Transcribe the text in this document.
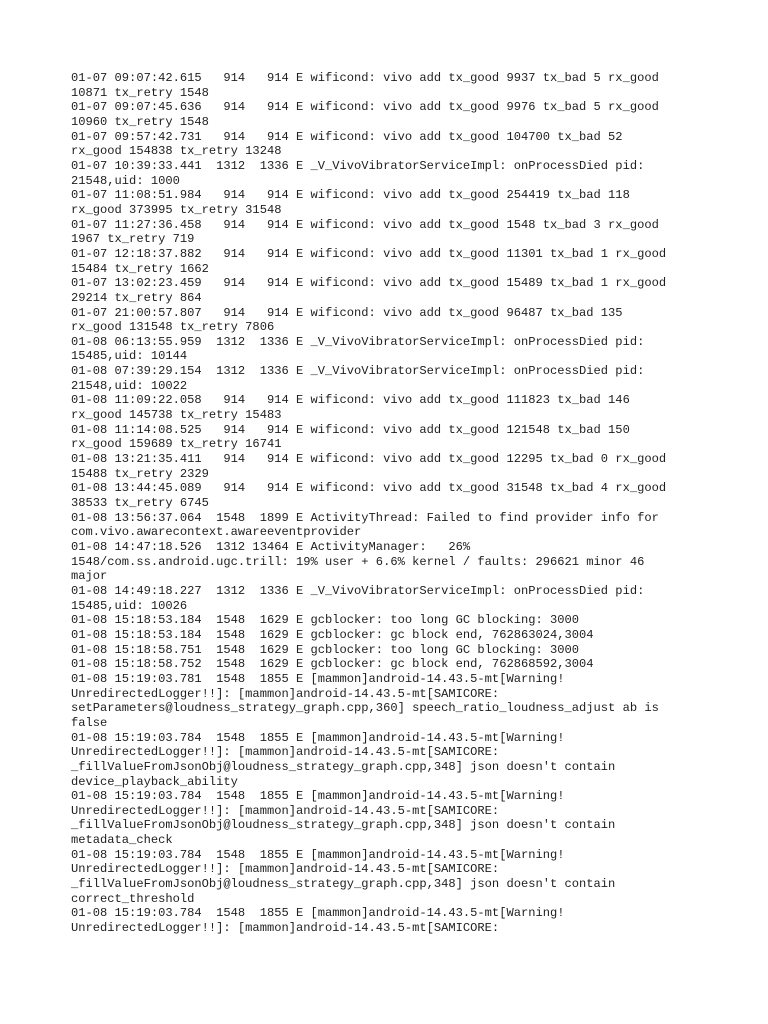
01-07 09:07:42.615   914   914 E wificond: vivo add tx_good 9937 tx_bad 5 rx_good
10871 tx_retry 1548
01-07 09:07:45.636   914   914 E wificond: vivo add tx_good 9976 tx_bad 5 rx_good
10960 tx_retry 1548
01-07 09:57:42.731   914   914 E wificond: vivo add tx_good 104700 tx_bad 52
rx_good 154838 tx_retry 13248
01-07 10:39:33.441  1312  1336 E _V_VivoVibratorServiceImpl: onProcessDied pid:
21548,uid: 1000
01-07 11:08:51.984   914   914 E wificond: vivo add tx_good 254419 tx_bad 118
rx_good 373995 tx_retry 31548
01-07 11:27:36.458   914   914 E wificond: vivo add tx_good 1548 tx_bad 3 rx_good
1967 tx_retry 719
01-07 12:18:37.882   914   914 E wificond: vivo add tx_good 11301 tx_bad 1 rx_good
15484 tx_retry 1662
01-07 13:02:23.459   914   914 E wificond: vivo add tx_good 15489 tx_bad 1 rx_good
29214 tx_retry 864
01-07 21:00:57.807   914   914 E wificond: vivo add tx_good 96487 tx_bad 135
rx_good 131548 tx_retry 7806
01-08 06:13:55.959  1312  1336 E _V_VivoVibratorServiceImpl: onProcessDied pid:
15485,uid: 10144
01-08 07:39:29.154  1312  1336 E _V_VivoVibratorServiceImpl: onProcessDied pid:
21548,uid: 10022
01-08 11:09:22.058   914   914 E wificond: vivo add tx_good 111823 tx_bad 146
rx_good 145738 tx_retry 15483
01-08 11:14:08.525   914   914 E wificond: vivo add tx_good 121548 tx_bad 150
rx_good 159689 tx_retry 16741
01-08 13:21:35.411   914   914 E wificond: vivo add tx_good 12295 tx_bad 0 rx_good
15488 tx_retry 2329
01-08 13:44:45.089   914   914 E wificond: vivo add tx_good 31548 tx_bad 4 rx_good
38533 tx_retry 6745
01-08 13:56:37.064  1548  1899 E ActivityThread: Failed to find provider info for
com.vivo.awarecontext.awareeventprovider
01-08 14:47:18.526  1312 13464 E ActivityManager:   26%
1548/com.ss.android.ugc.trill: 19% user + 6.6% kernel / faults: 296621 minor 46
major
01-08 14:49:18.227  1312  1336 E _V_VivoVibratorServiceImpl: onProcessDied pid:
15485,uid: 10026
01-08 15:18:53.184  1548  1629 E gcblocker: too long GC blocking: 3000
01-08 15:18:53.184  1548  1629 E gcblocker: gc block end, 762863024,3004
01-08 15:18:58.751  1548  1629 E gcblocker: too long GC blocking: 3000
01-08 15:18:58.752  1548  1629 E gcblocker: gc block end, 762868592,3004
01-08 15:19:03.781  1548  1855 E [mammon]android-14.43.5-mt[Warning!
UnredirectedLogger!!]: [mammon]android-14.43.5-mt[SAMICORE:
setParameters@loudness_strategy_graph.cpp,360] speech_ratio_loudness_adjust ab is
false
01-08 15:19:03.784  1548  1855 E [mammon]android-14.43.5-mt[Warning!
UnredirectedLogger!!]: [mammon]android-14.43.5-mt[SAMICORE:
_fillValueFromJsonObj@loudness_strategy_graph.cpp,348] json doesn't contain
device_playback_ability
01-08 15:19:03.784  1548  1855 E [mammon]android-14.43.5-mt[Warning!
UnredirectedLogger!!]: [mammon]android-14.43.5-mt[SAMICORE:
_fillValueFromJsonObj@loudness_strategy_graph.cpp,348] json doesn't contain
metadata_check
01-08 15:19:03.784  1548  1855 E [mammon]android-14.43.5-mt[Warning!
UnredirectedLogger!!]: [mammon]android-14.43.5-mt[SAMICORE:
_fillValueFromJsonObj@loudness_strategy_graph.cpp,348] json doesn't contain
correct_threshold
01-08 15:19:03.784  1548  1855 E [mammon]android-14.43.5-mt[Warning!
UnredirectedLogger!!]: [mammon]android-14.43.5-mt[SAMICORE:
